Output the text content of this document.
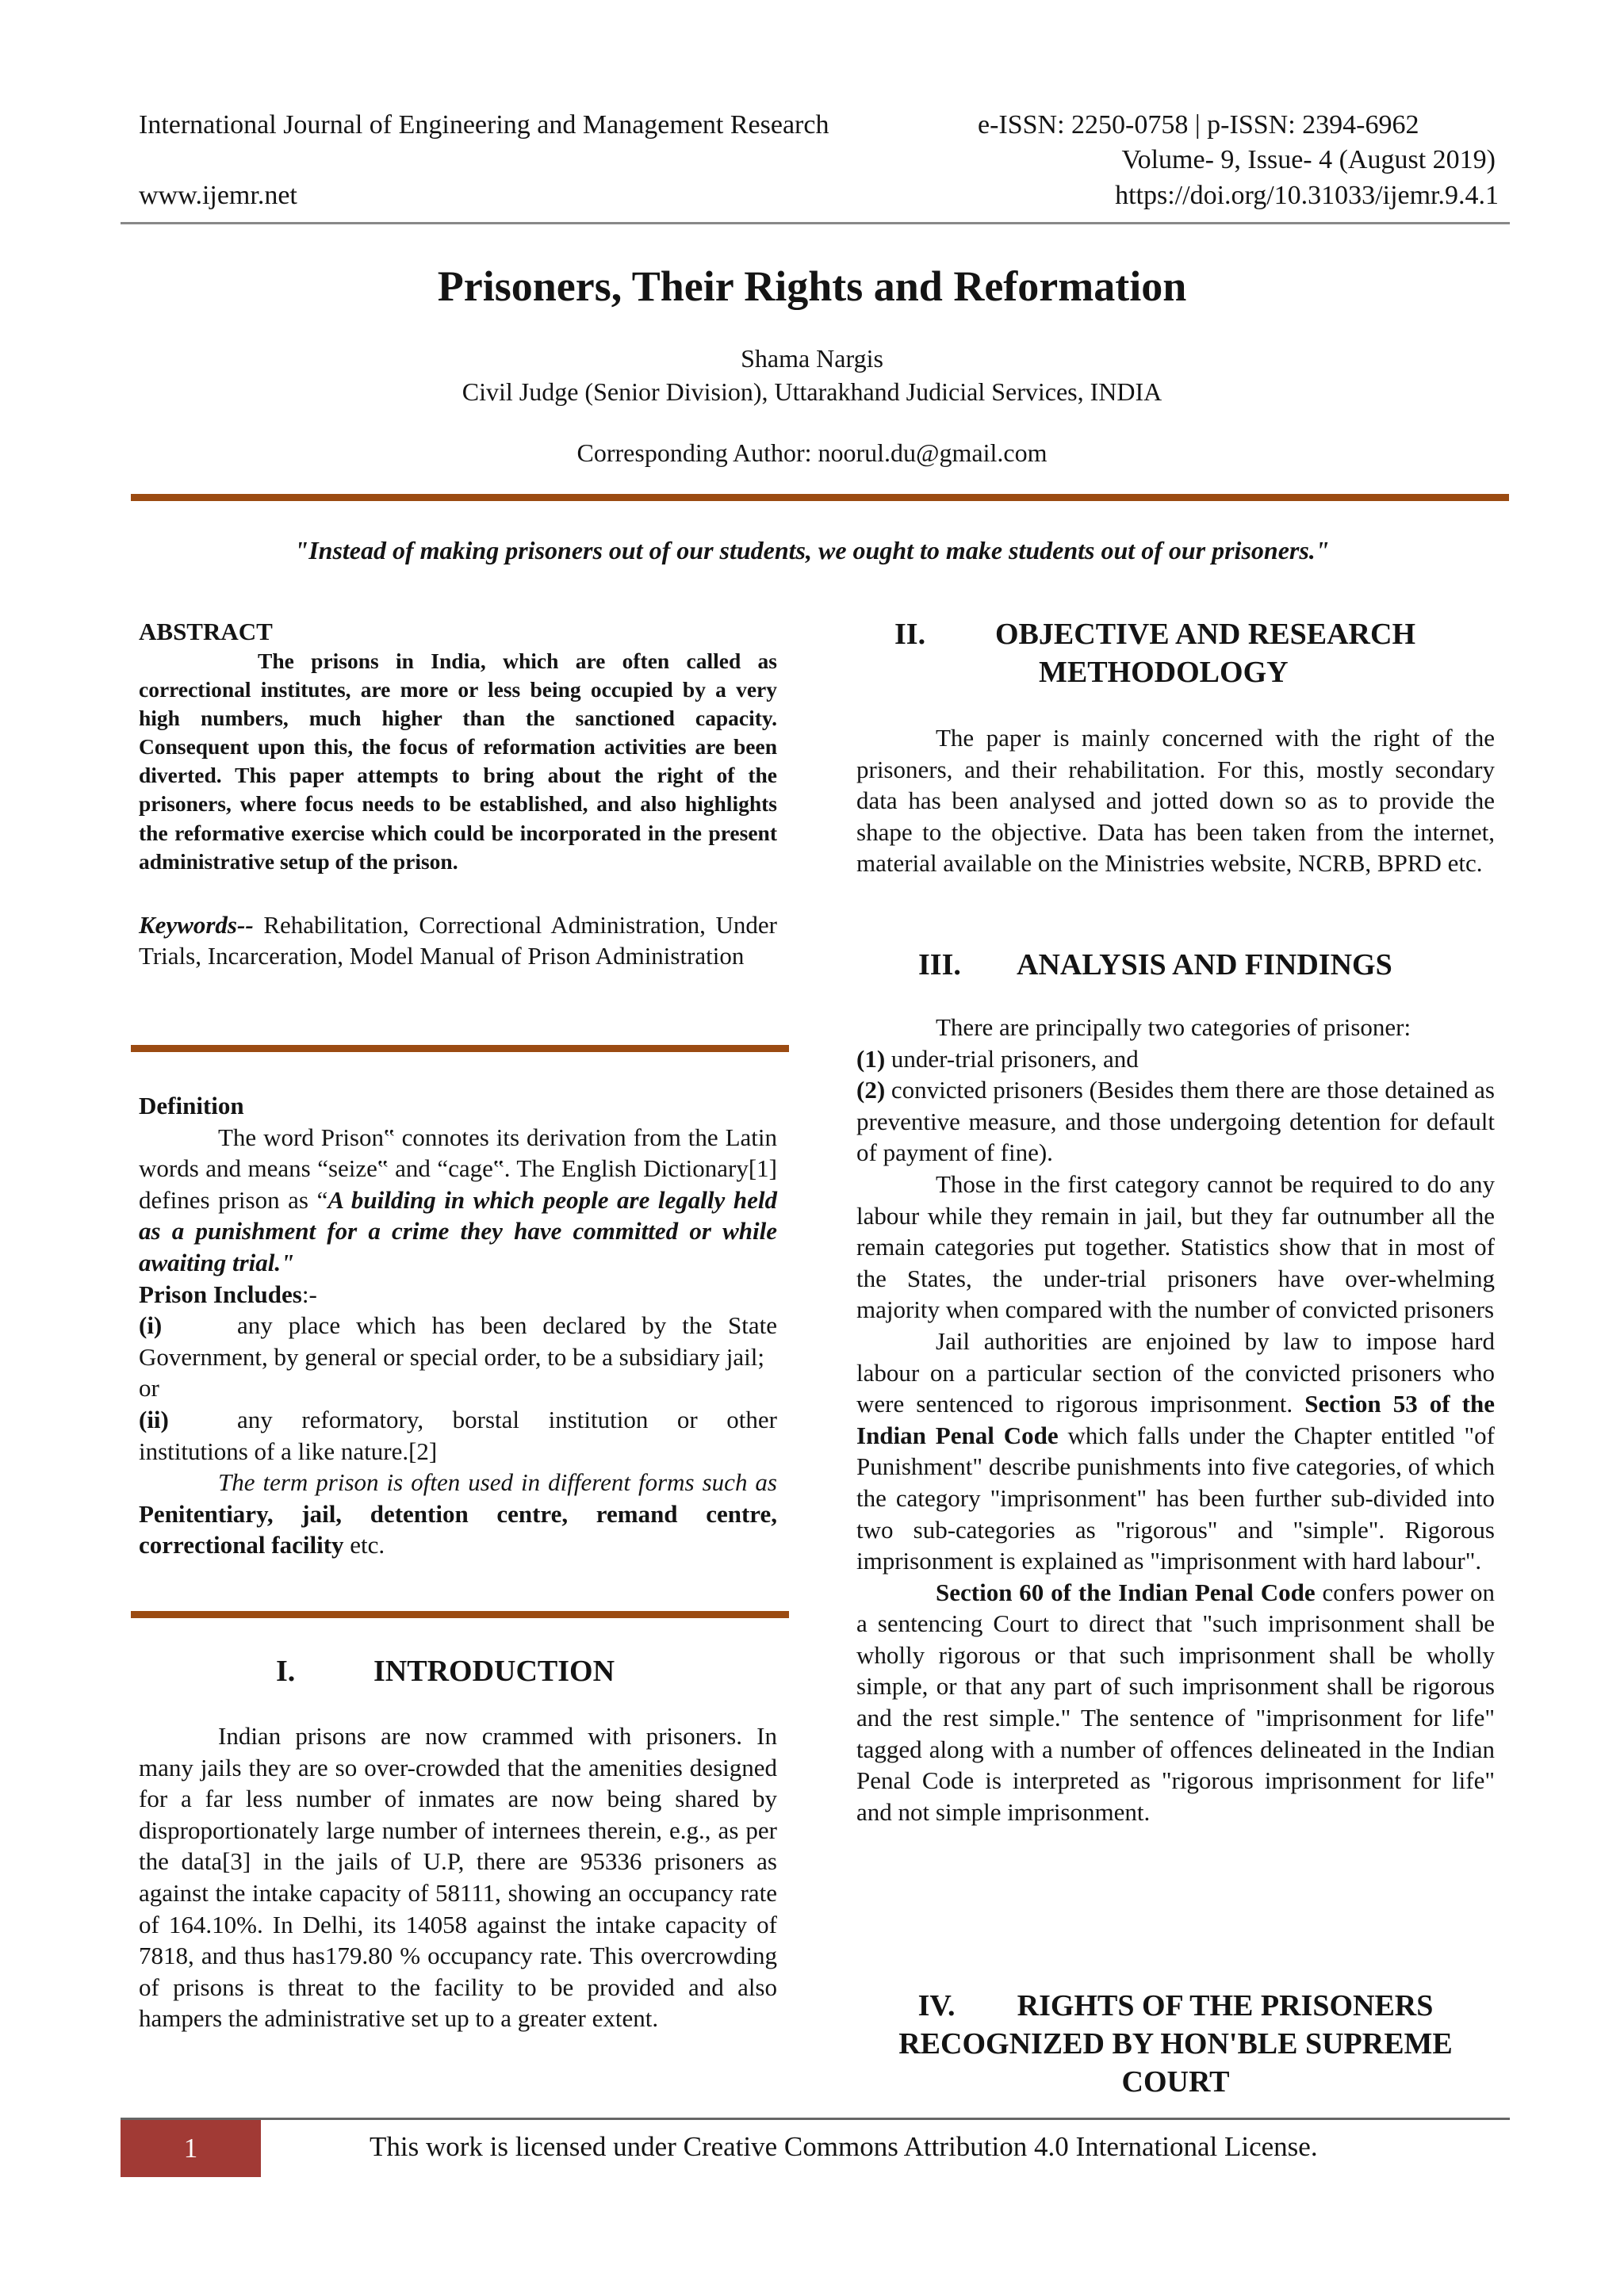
International Journal of Engineering and Management Research	e-ISSN: 2250-0758 | p-ISSN: 2394-6962
Volume- 9, Issue- 4 (August 2019)
www.ijemr.net	https://doi.org/10.31033/ijemr.9.4.1
Prisoners, Their Rights and Reformation
Shama Nargis
Civil Judge (Senior Division), Uttarakhand Judicial Services, INDIA
Corresponding Author: noorul.du@gmail.com
"Instead of making prisoners out of our students, we ought to make students out of our prisoners."
ABSTRACT

The prisons in India, which are often called as correctional institutes, are more or less being occupied by a very high numbers, much higher than the sanctioned capacity. Consequent upon this, the focus of reformation activities are been diverted. This paper attempts to bring about the right of the prisoners, where focus needs to be established, and also highlights the reformative exercise which could be incorporated in the present administrative setup of the prison.

Keywords-- Rehabilitation, Correctional Administration, Under Trials, Incarceration, Model Manual of Prison Administration

Definition

The word Prison‟ connotes its derivation from the Latin words and means “seize‟ and “cage‟. The English Dictionary[1] defines prison as “A building in which people are legally held as a punishment for a crime they have committed or while awaiting trial."

Prison Includes:-

(i)	any place which has been declared by the State Government, by general or special order, to be a subsidiary jail;

or

(ii)	any reformatory, borstal institution or other institutions of a like nature.[2]

The term prison is often used in different forms such as Penitentiary, jail, detention centre, remand centre, correctional facility etc.

I.	INTRODUCTION

Indian prisons are now crammed with prisoners. In many jails they are so over-crowded that the amenities designed for a far less number of inmates are now being shared by disproportionately large number of internees therein, e.g., as per the data[3] in the jails of U.P, there are 95336 prisoners as against the intake capacity of 58111, showing an occupancy rate of 164.10%. In Delhi, its 14058 against the intake capacity of 7818, and thus has179.80 % occupancy rate. This overcrowding of prisons is threat to the facility to be provided and also hampers the administrative set up to a greater extent.

II. OBJECTIVE AND RESEARCH
METHODOLOGY

The paper is mainly concerned with the right of the prisoners, and their rehabilitation. For this, mostly secondary data has been analysed and jotted down so as to provide the shape to the objective. Data has been taken from the internet, material available on the Ministries website, NCRB, BPRD etc.

III. ANALYSIS AND FINDINGS

There are principally two categories of prisoner:

(1) under-trial prisoners, and

(2) convicted prisoners (Besides them there are those detained as preventive measure, and those undergoing detention for default of payment of fine).

Those in the first category cannot be required to do any labour while they remain in jail, but they far outnumber all the remain categories put together. Statistics show that in most of the States, the under-trial prisoners have over-whelming majority when compared with the number of convicted prisoners

Jail authorities are enjoined by law to impose hard labour on a particular section of the convicted prisoners who were sentenced to rigorous imprisonment. Section 53 of the Indian Penal Code which falls under the Chapter entitled "of Punishment" describe punishments into five categories, of which the category "imprisonment" has been further sub-divided into two sub-categories as "rigorous" and "simple". Rigorous imprisonment is explained as "imprisonment with hard labour".

Section 60 of the Indian Penal Code confers power on a sentencing Court to direct that "such imprisonment shall be wholly rigorous or that such imprisonment shall be wholly simple, or that any part of such imprisonment shall be rigorous and the rest simple." The sentence of "imprisonment for life" tagged along with a number of offences delineated in the Indian Penal Code is interpreted as "rigorous imprisonment for life" and not simple imprisonment.

IV. RIGHTS OF THE PRISONERS
RECOGNIZED BY HON'BLE SUPREME
COURT
1	This work is licensed under Creative Commons Attribution 4.0 International License.
